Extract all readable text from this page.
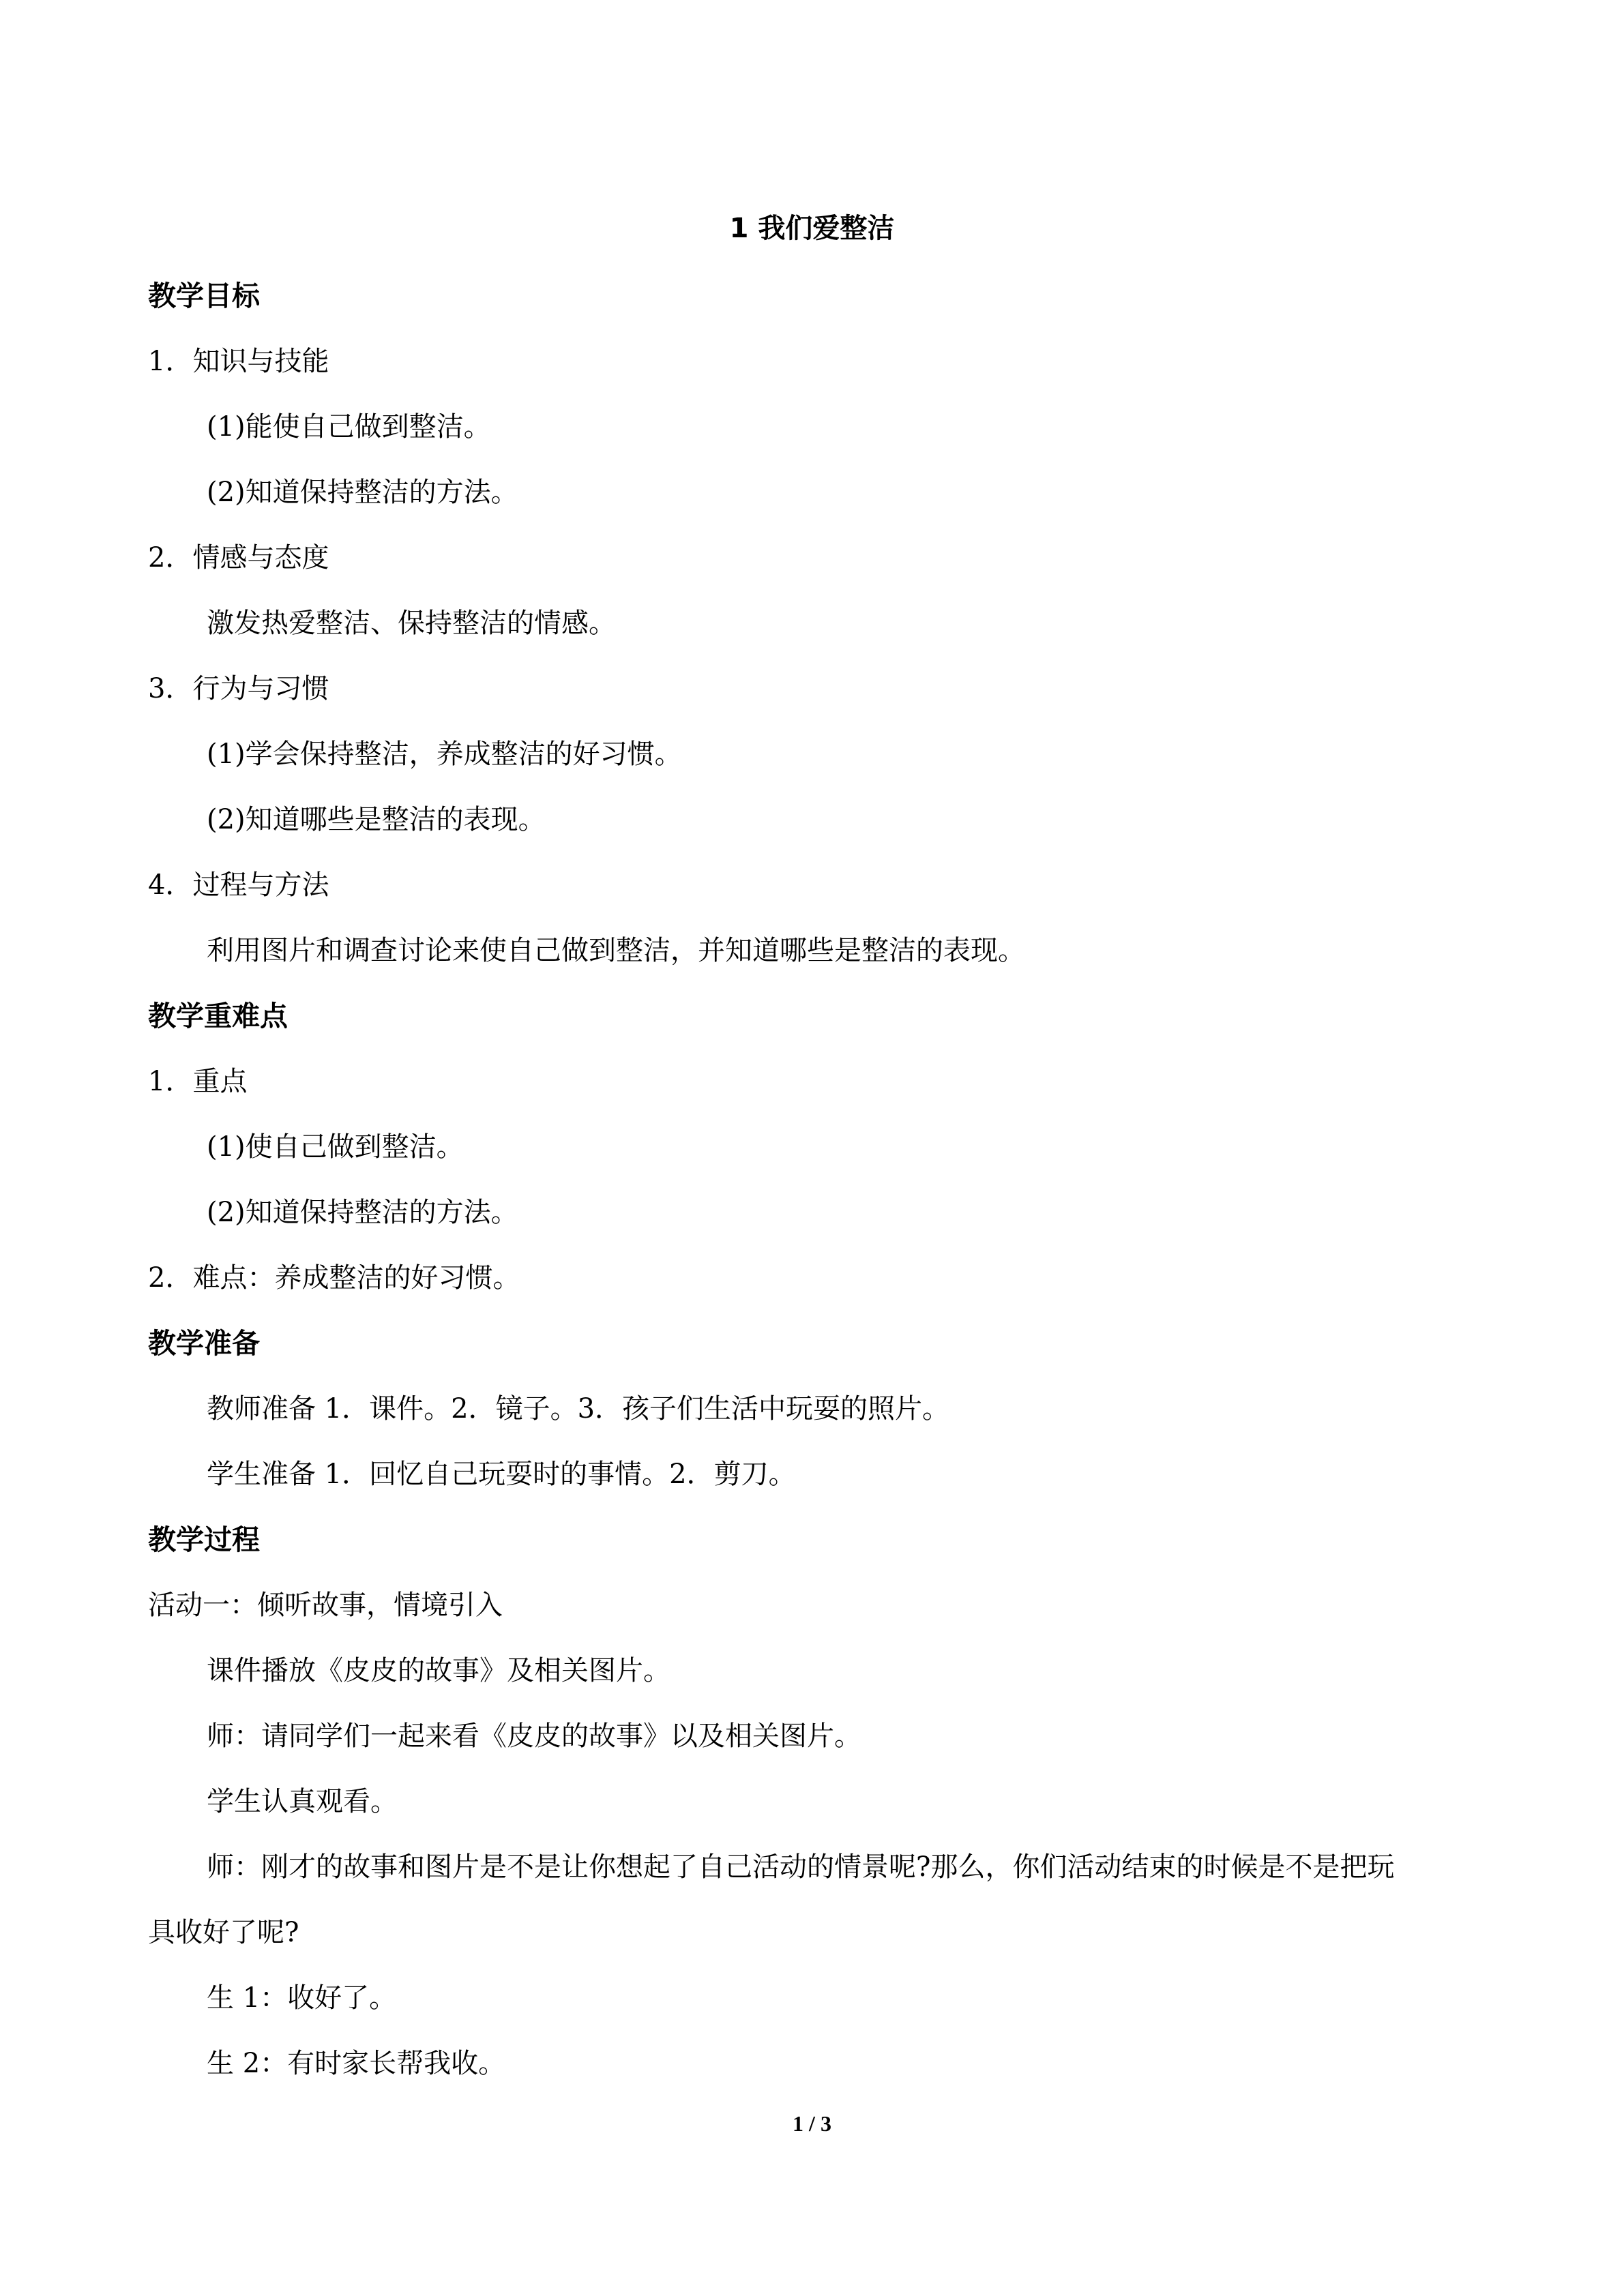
1 我们爱整洁
教学目标
1．知识与技能
(1)能使自己做到整洁。
(2)知道保持整洁的方法。
2．情感与态度
激发热爱整洁、保持整洁的情感。
3．行为与习惯
(1)学会保持整洁，养成整洁的好习惯。
(2)知道哪些是整洁的表现。
4．过程与方法
利用图片和调查讨论来使自己做到整洁，并知道哪些是整洁的表现。
教学重难点
1．重点
(1)使自己做到整洁。
(2)知道保持整洁的方法。
2．难点：养成整洁的好习惯。
教学准备
教师准备 1．课件。2．镜子。3．孩子们生活中玩耍的照片。
学生准备 1．回忆自己玩耍时的事情。2．剪刀。
教学过程
活动一：倾听故事，情境引入
课件播放《皮皮的故事》及相关图片。
师：请同学们一起来看《皮皮的故事》以及相关图片。
学生认真观看。
师：刚才的故事和图片是不是让你想起了自己活动的情景呢?那么，你们活动结束的时候是不是把玩
具收好了呢?
生 1：收好了。
生 2：有时家长帮我收。
1 / 3
